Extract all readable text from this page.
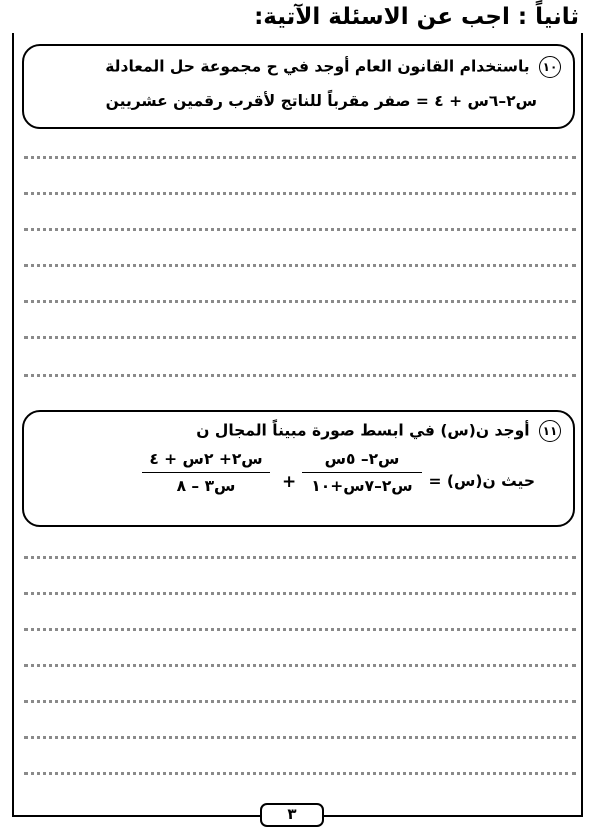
ثانياً : اجب عن الاسئلة الآتية:
١٠ باستخدام القانون العام أوجد في ح مجموعة حل المعادلة
س٢–٦س + ٤ = صفر مقرباً للناتج لأقرب رقمين عشريين
١١ أوجد ن(س) في ابسط صورة مبيناً المجال ن
حيث ن(س) =
س٢– ٥س
س٢–٧س+١٠
+
س٢+ ٢س + ٤
س٣ – ٨
٣
